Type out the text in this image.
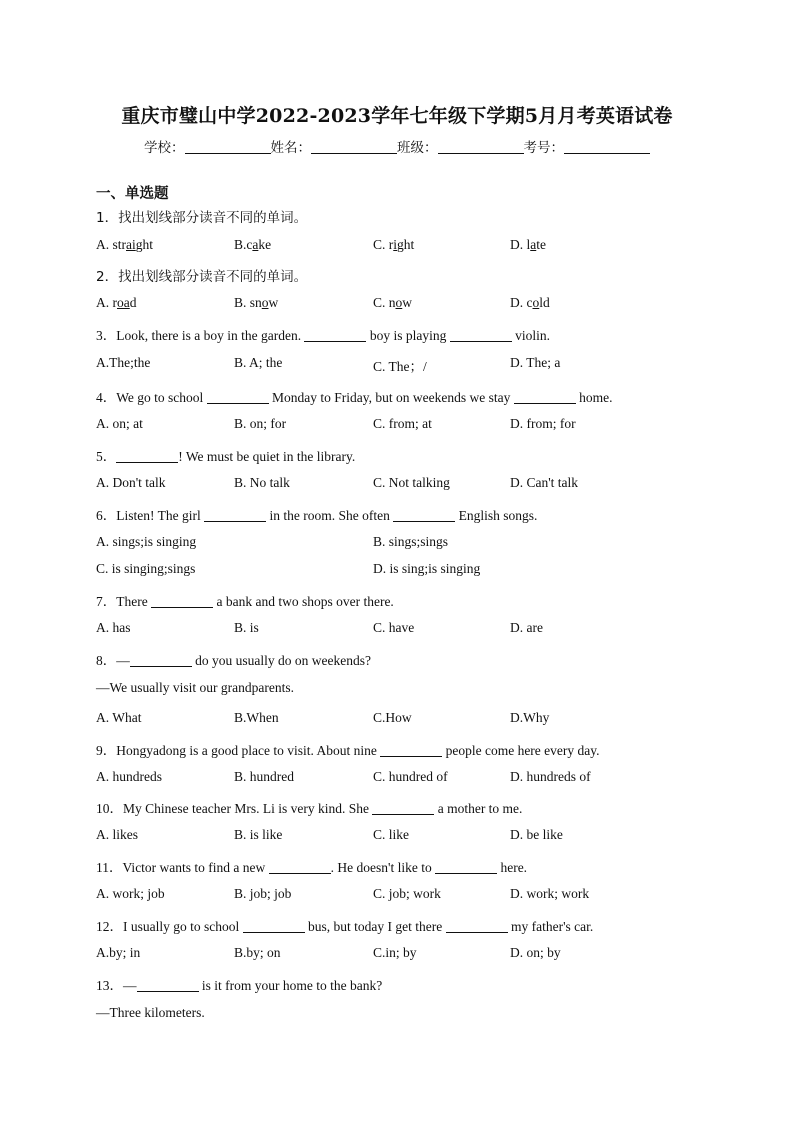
重庆市璧山中学2022-2023学年七年级下学期5月月考英语试卷
学校：	姓名：	班级：	考号：
一、单选题
1．找出划线部分读音不同的单词。
A. straight	B.cake	C. right	D. late
2．找出划线部分读音不同的单词。
A. road	B. snow	C. now	D. cold
3．Look, there is a boy in the garden.	boy is playing	violin.
A.The;the	B. A; the	C. The；/	D. The; a
4．We go to school	Monday to Friday, but on weekends we stay	home.
A. on; at	B. on; for	C. from; at	D. from; for
5．	! We must be quiet in the library.
A. Don't talk	B. No talk	C. Not talking	D. Can't talk
6．Listen! The girl	in the room. She often	English songs.
A. sings;is singing	B. sings;sings
C. is singing;sings	D. is sing;is singing
7．There	a bank and two shops over there.
A. has	B. is	C. have	D. are
8．—	do you usually do on weekends?
—We usually visit our grandparents.
A. What	B.When	C.How	D.Why
9．Hongyadong is a good place to visit. About nine	people come here every day.
A. hundreds	B. hundred	C. hundred of	D. hundreds of
10．My Chinese teacher Mrs. Li is very kind. She	a mother to me.
A. likes	B. is like	C. like	D. be like
11．Victor wants to find a new	. He doesn't like to	here.
A. work; job	B. job; job	C. job; work	D. work; work
12．I usually go to school	bus, but today I get there	my father's car.
A.by; in	B.by; on	C.in; by	D. on; by
13．—	is it from your home to the bank?
—Three kilometers.
